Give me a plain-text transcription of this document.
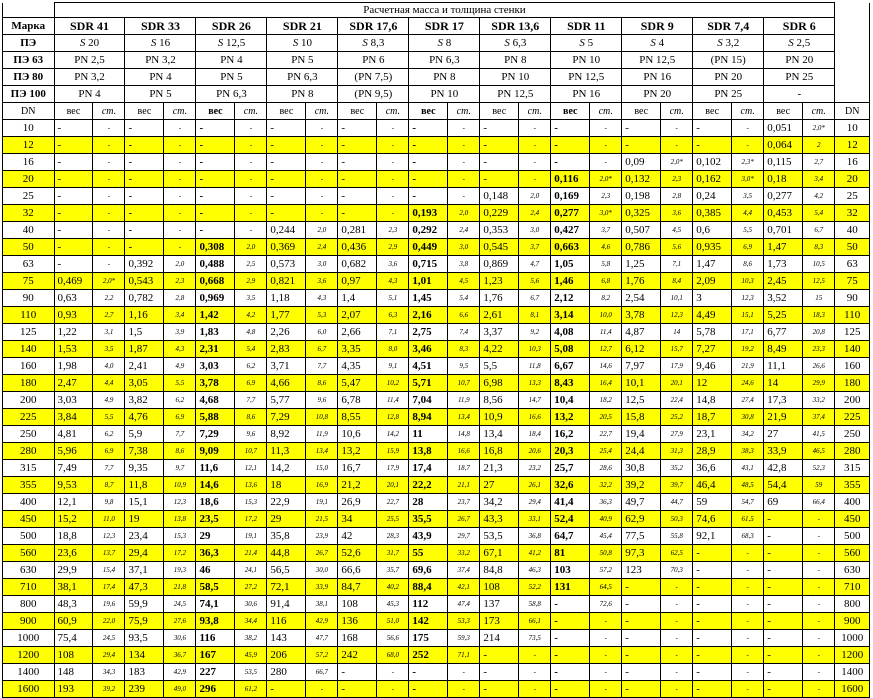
	Расчетная масса и толщина стенки																						
Марка	SDR 41		SDR 33		SDR 26		SDR 21		SDR 17,6		SDR 17		SDR 13,6		SDR 11		SDR 9		SDR 7,4		SDR 6		
ПЭ	S 20		S 16		S 12,5		S 10		S 8,3		S 8		S 6,3		S 5		S 4		S 3,2		S 2,5		
ПЭ 63	PN 2,5		PN 3,2		PN 4		PN 5		PN 6		PN 6,3		PN 8		PN 10		PN 12,5		(PN 15)		PN 20		
ПЭ 80	PN 3,2		PN 4		PN 5		PN 6,3		(PN 7,5)		PN 8		PN 10		PN 12,5		PN 16		PN 20		PN 25		
ПЭ 100	PN 4		PN 5		PN 6,3		PN 8		(PN 9,5)		PN 10		PN 12,5		PN 16		PN 20		PN 25		-		
DN	вес	ст.	вес	ст.	вес	ст.	вес	ст.	вес	ст.	вес	ст.	вес	ст.	вес	ст.	вес	ст.	вес	ст.	вес	ст.	DN
10	-	-	-	-	-	-	-	-	-	-	-	-	-	-	-	-	-	-	-	-	0,051	2,0*	10
12	-	-	-	-	-	-	-	-	-	-	-	-	-	-	-	-	-	-	-	-	0,064	2	12
16	-	-	-	-	-	-	-	-	-	-	-	-	-	-	-	-	0,09	2,0*	0,102	2,3*	0,115	2,7	16
20	-	-	-	-	-	-	-	-	-	-	-	-	-	-	0,116	2,0*	0,132	2,3	0,162	3,0*	0,18	3,4	20
25	-	-	-	-	-	-	-	-	-	-	-	-	0,148	2,0	0,169	2,3	0,198	2,8	0,24	3,5	0,277	4,2	25
32	-	-	-	-	-	-	-	-	-	-	0,193	2,0	0,229	2,4	0,277	3,0*	0,325	3,6	0,385	4,4	0,453	5,4	32
40	-	-	-	-	-	-	0,244	2,0	0,281	2,3	0,292	2,4	0,353	3,0	0,427	3,7	0,507	4,5	0,6	5,5	0,701	6,7	40
50	-	-	-	-	0,308	2,0	0,369	2,4	0,436	2,9	0,449	3,0	0,545	3,7	0,663	4,6	0,786	5,6	0,935	6,9	1,47	8,3	50
63	-	-	0,392	2,0	0,488	2,5	0,573	3,0	0,682	3,6	0,715	3,8	0,869	4,7	1,05	5,8	1,25	7,1	1,47	8,6	1,73	10,5	63
75	0,469	2,0*	0,543	2,3	0,668	2,9	0,821	3,6	0,97	4,3	1,01	4,5	1,23	5,6	1,46	6,8	1,76	8,4	2,09	10,3	2,45	12,5	75
90	0,63	2,2	0,782	2,8	0,969	3,5	1,18	4,3	1,4	5,1	1,45	5,4	1,76	6,7	2,12	8,2	2,54	10,1	3	12,3	3,52	15	90
110	0,93	2,7	1,16	3,4	1,42	4,2	1,77	5,3	2,07	6,3	2,16	6,6	2,61	8,1	3,14	10,0	3,78	12,3	4,49	15,1	5,25	18,3	110
125	1,22	3,1	1,5	3,9	1,83	4,8	2,26	6,0	2,66	7,1	2,75	7,4	3,37	9,2	4,08	11,4	4,87	14	5,78	17,1	6,77	20,8	125
140	1,53	3,5	1,87	4,3	2,31	5,4	2,83	6,7	3,35	8,0	3,46	8,3	4,22	10,3	5,08	12,7	6,12	15,7	7,27	19,2	8,49	23,3	140
160	1,98	4,0	2,41	4,9	3,03	6,2	3,71	7,7	4,35	9,1	4,51	9,5	5,5	11,8	6,67	14,6	7,97	17,9	9,46	21,9	11,1	26,6	160
180	2,47	4,4	3,05	5,5	3,78	6,9	4,66	8,6	5,47	10,2	5,71	10,7	6,98	13,3	8,43	16,4	10,1	20,1	12	24,6	14	29,9	180
200	3,03	4,9	3,82	6,2	4,68	7,7	5,77	9,6	6,78	11,4	7,04	11,9	8,56	14,7	10,4	18,2	12,5	22,4	14,8	27,4	17,3	33,2	200
225	3,84	5,5	4,76	6,9	5,88	8,6	7,29	10,8	8,55	12,8	8,94	13,4	10,9	16,6	13,2	20,5	15,8	25,2	18,7	30,8	21,9	37,4	225
250	4,81	6,2	5,9	7,7	7,29	9,6	8,92	11,9	10,6	14,2	11	14,8	13,4	18,4	16,2	22,7	19,4	27,9	23,1	34,2	27	41,5	250
280	5,96	6,9	7,38	8,6	9,09	10,7	11,3	13,4	13,2	15,9	13,8	16,6	16,8	20,6	20,3	25,4	24,4	31,3	28,9	38,3	33,9	46,5	280
315	7,49	7,7	9,35	9,7	11,6	12,1	14,2	15,0	16,7	17,9	17,4	18,7	21,3	23,2	25,7	28,6	30,8	35,2	36,6	43,1	42,8	52,3	315
355	9,53	8,7	11,8	10,9	14,6	13,6	18	16,9	21,2	20,1	22,2	21,1	27	26,1	32,6	32,2	39,2	39,7	46,4	48,5	54,4	59	355
400	12,1	9,8	15,1	12,3	18,6	15,3	22,9	19,1	26,9	22,7	28	23,7	34,2	29,4	41,4	36,3	49,7	44,7	59	54,7	69	66,4	400
450	15,2	11,0	19	13,8	23,5	17,2	29	21,5	34	25,5	35,5	26,7	43,3	33,1	52,4	40,9	62,9	50,3	74,6	61,5	-	-	450
500	18,8	12,3	23,4	15,3	29	19,1	35,8	23,9	42	28,3	43,9	29,7	53,5	36,8	64,7	45,4	77,5	55,8	92,1	68,3	-	-	500
560	23,6	13,7	29,4	17,2	36,3	21,4	44,8	26,7	52,6	31,7	55	33,2	67,1	41,2	81	50,8	97,3	62,5	-	-	-	-	560
630	29,9	15,4	37,1	19,3	46	24,1	56,5	30,0	66,6	35,7	69,6	37,4	84,8	46,3	103	57,2	123	70,3	-	-	-	-	630
710	38,1	17,4	47,3	21,8	58,5	27,2	72,1	33,9	84,7	40,2	88,4	42,1	108	52,2	131	64,5	-	-	-	-	-	-	710
800	48,3	19,6	59,9	24,5	74,1	30,6	91,4	38,1	108	45,3	112	47,4	137	58,8	-	72,6	-	-	-	-	-	-	800
900	60,9	22,0	75,9	27,6	93,8	34,4	116	42,9	136	51,0	142	53,3	173	66,1	-	-	-	-	-	-	-	-	900
1000	75,4	24,5	93,5	30,6	116	38,2	143	47,7	168	56,6	175	59,3	214	73,5	-	-	-	-	-	-	-	-	1000
1200	108	29,4	134	36,7	167	45,9	206	57,2	242	68,0	252	71,1	-	-	-	-	-	-	-	-	-	-	1200
1400	148	34,3	183	42,9	227	53,5	280	66,7	-	-	-	-	-	-	-	-	-	-	-	-	-	-	1400
1600	193	39,2	239	49,0	296	61,2	-	-	-	-	-	-	-	-	-	-	-	-	-	-	-	-	1600
